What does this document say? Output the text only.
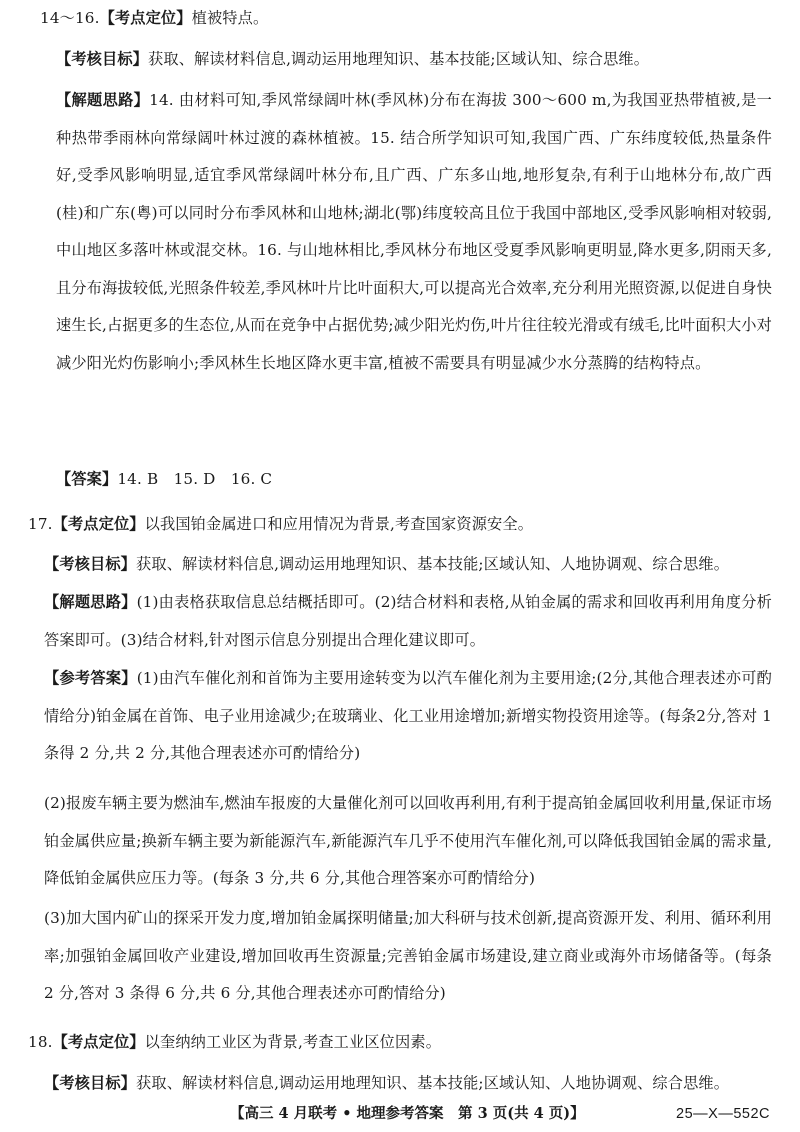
14～16.【考点定位】植被特点。
【考核目标】获取、解读材料信息,调动运用地理知识、基本技能;区域认知、综合思维。
【解题思路】14. 由材料可知,季风常绿阔叶林(季风林)分布在海拔 300～600 m,为我国亚热带植被,是一种热带季雨林向常绿阔叶林过渡的森林植被。15. 结合所学知识可知,我国广西、广东纬度较低,热量条件好,受季风影响明显,适宜季风常绿阔叶林分布,且广西、广东多山地,地形复杂,有利于山地林分布,故广西(桂)和广东(粤)可以同时分布季风林和山地林;湖北(鄂)纬度较高且位于我国中部地区,受季风影响相对较弱,中山地区多落叶林或混交林。16. 与山地林相比,季风林分布地区受夏季风影响更明显,降水更多,阴雨天多,且分布海拔较低,光照条件较差,季风林叶片比叶面积大,可以提高光合效率,充分利用光照资源,以促进自身快速生长,占据更多的生态位,从而在竞争中占据优势;减少阳光灼伤,叶片往往较光滑或有绒毛,比叶面积大小对减少阳光灼伤影响小;季风林生长地区降水更丰富,植被不需要具有明显减少水分蒸腾的结构特点。
【答案】14. B　15. D　16. C
17.【考点定位】以我国铂金属进口和应用情况为背景,考查国家资源安全。
【考核目标】获取、解读材料信息,调动运用地理知识、基本技能;区域认知、人地协调观、综合思维。
【解题思路】(1)由表格获取信息总结概括即可。(2)结合材料和表格,从铂金属的需求和回收再利用角度分析答案即可。(3)结合材料,针对图示信息分别提出合理化建议即可。
【参考答案】(1)由汽车催化剂和首饰为主要用途转变为以汽车催化剂为主要用途;(2分,其他合理表述亦可酌情给分)铂金属在首饰、电子业用途减少;在玻璃业、化工业用途增加;新增实物投资用途等。(每条2分,答对 1 条得 2 分,共 2 分,其他合理表述亦可酌情给分)
(2)报废车辆主要为燃油车,燃油车报废的大量催化剂可以回收再利用,有利于提高铂金属回收利用量,保证市场铂金属供应量;换新车辆主要为新能源汽车,新能源汽车几乎不使用汽车催化剂,可以降低我国铂金属的需求量,降低铂金属供应压力等。(每条 3 分,共 6 分,其他合理答案亦可酌情给分)
(3)加大国内矿山的探采开发力度,增加铂金属探明储量;加大科研与技术创新,提高资源开发、利用、循环利用率;加强铂金属回收产业建设,增加回收再生资源量;完善铂金属市场建设,建立商业或海外市场储备等。(每条 2 分,答对 3 条得 6 分,共 6 分,其他合理表述亦可酌情给分)
18.【考点定位】以奎纳纳工业区为背景,考查工业区位因素。
【考核目标】获取、解读材料信息,调动运用地理知识、基本技能;区域认知、人地协调观、综合思维。
【高三 4 月联考 • 地理参考答案　第 3 页(共 4 页)】	25—X—552C
